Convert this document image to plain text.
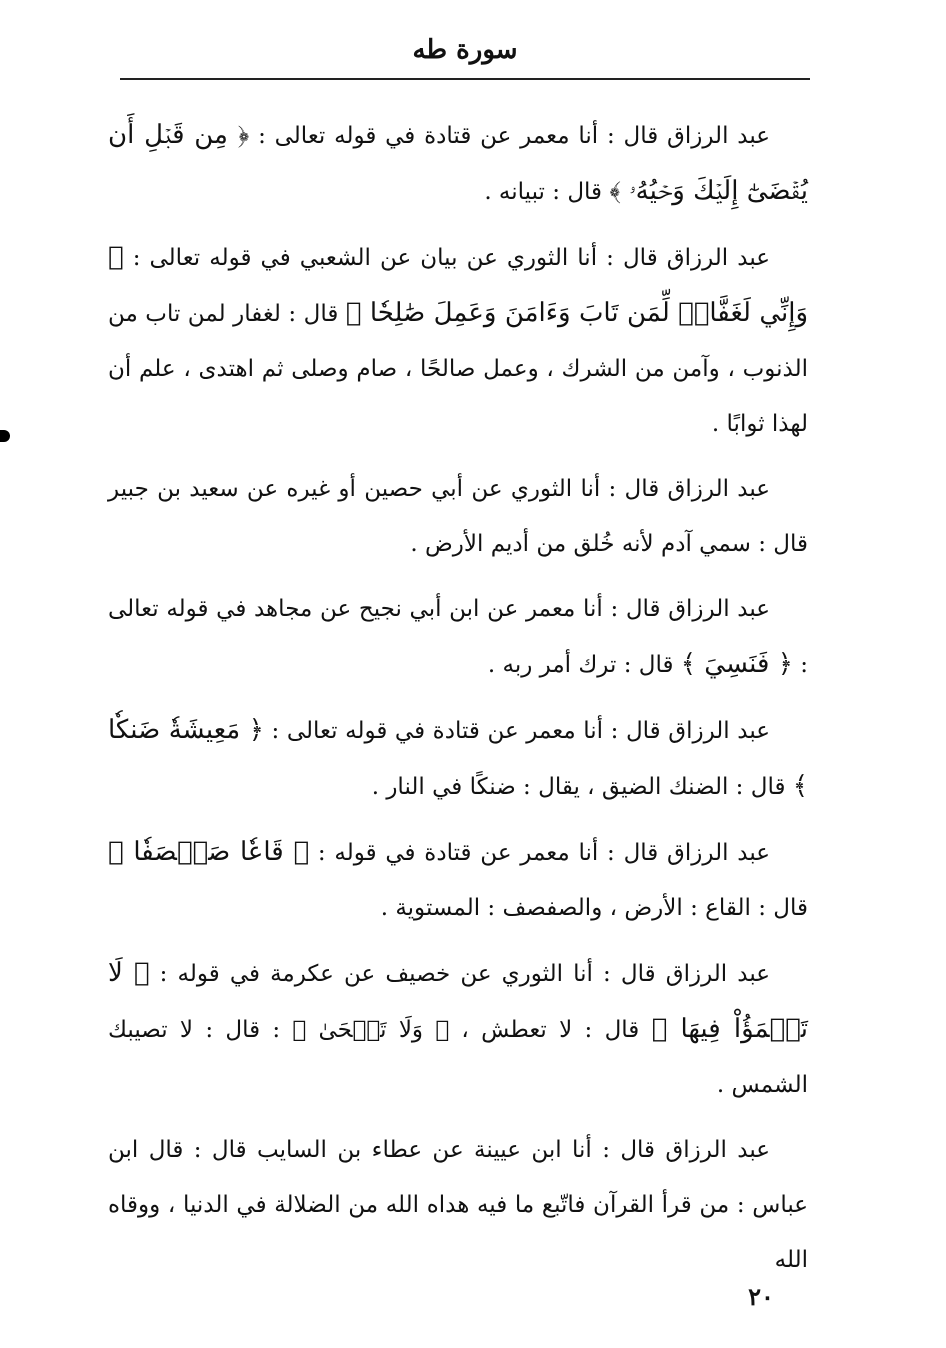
سورة طه

عبد الرزاق قال : أنا معمر عن قتادة في قوله تعالى : ﴿ مِن قَبۡلِ أَن يُقۡضَىٰٓ إِلَيۡكَ وَحۡيُهُۥ ﴾ قال : تبيانه .

عبد الرزاق قال : أنا الثوري عن بيان عن الشعبي في قوله تعالى : ﴿ وَإِنِّي لَغَفَّارٞ لِّمَن تَابَ وَءَامَنَ وَعَمِلَ صَٰلِحٗا ﴾ قال : لغفار لمن تاب من الذنوب ، وآمن من الشرك ، وعمل صالحًا ، صام وصلى ثم اهتدى ، علم أن لهذا ثوابًا .

عبد الرزاق قال : أنا الثوري عن أبي حصين أو غيره عن سعيد بن جبير قال : سمي آدم لأنه خُلق من أديم الأرض .

عبد الرزاق قال : أنا معمر عن ابن أبي نجيح عن مجاهد في قوله تعالى : ﴿ فَنَسِيَ ﴾ قال : ترك أمر ربه .

عبد الرزاق قال : أنا معمر عن قتادة في قوله تعالى : ﴿ مَعِيشَةٗ ضَنكٗا ﴾ قال : الضنك الضيق ، يقال : ضنكًا في النار .

عبد الرزاق قال : أنا معمر عن قتادة في قوله : ﴿ قَاعٗا صَفۡصَفٗا ﴾ قال : القاع : الأرض ، والصفصف : المستوية .

عبد الرزاق قال : أنا الثوري عن خصيف عن عكرمة في قوله : ﴿ لَا تَظۡمَؤُاْ فِيهَا ﴾ قال : لا تعطش ، ﴿ وَلَا تَضۡحَىٰ ﴾ : قال : لا تصيبك الشمس .

عبد الرزاق قال : أنا ابن عيينة عن عطاء بن السايب قال : قال ابن عباس : من قرأ القرآن فاتّبع ما فيه هداه الله من الضلالة في الدنيا ، ووقاه الله

٢٠
